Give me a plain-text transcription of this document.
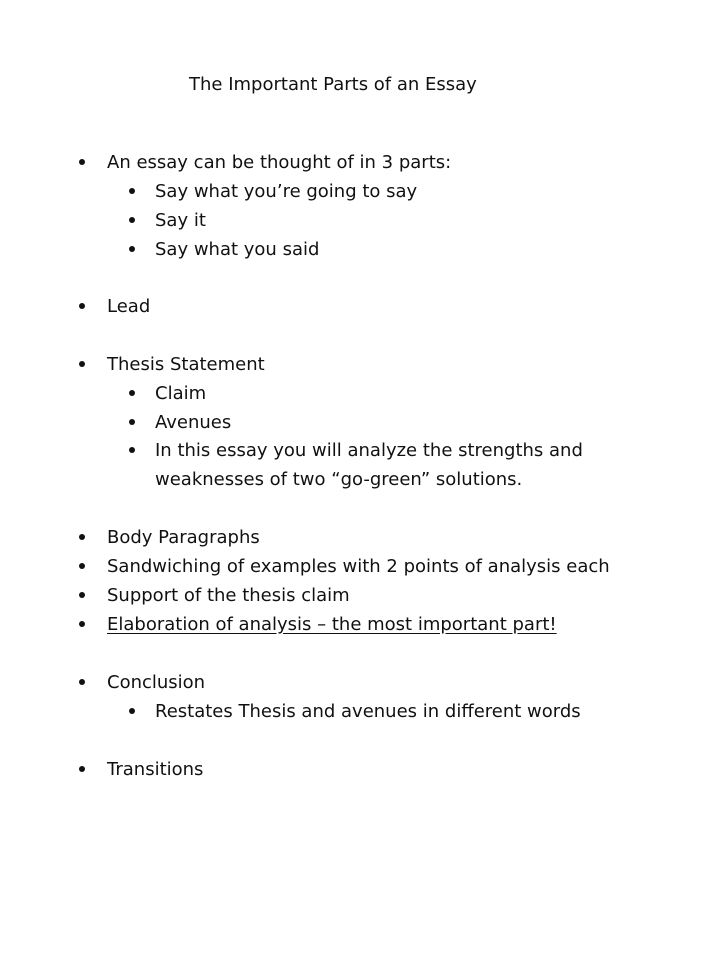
The Important Parts of an Essay
An essay can be thought of in 3 parts:
Say what you’re going to say
Say it
Say what you said
Lead
Thesis Statement
Claim
Avenues
In this essay you will analyze the strengths and
weaknesses of two “go-green” solutions.
Body Paragraphs
Sandwiching of examples with 2 points of analysis each
Support of the thesis claim
Elaboration of analysis – the most important part!
Conclusion
Restates Thesis and avenues in different words
Transitions
